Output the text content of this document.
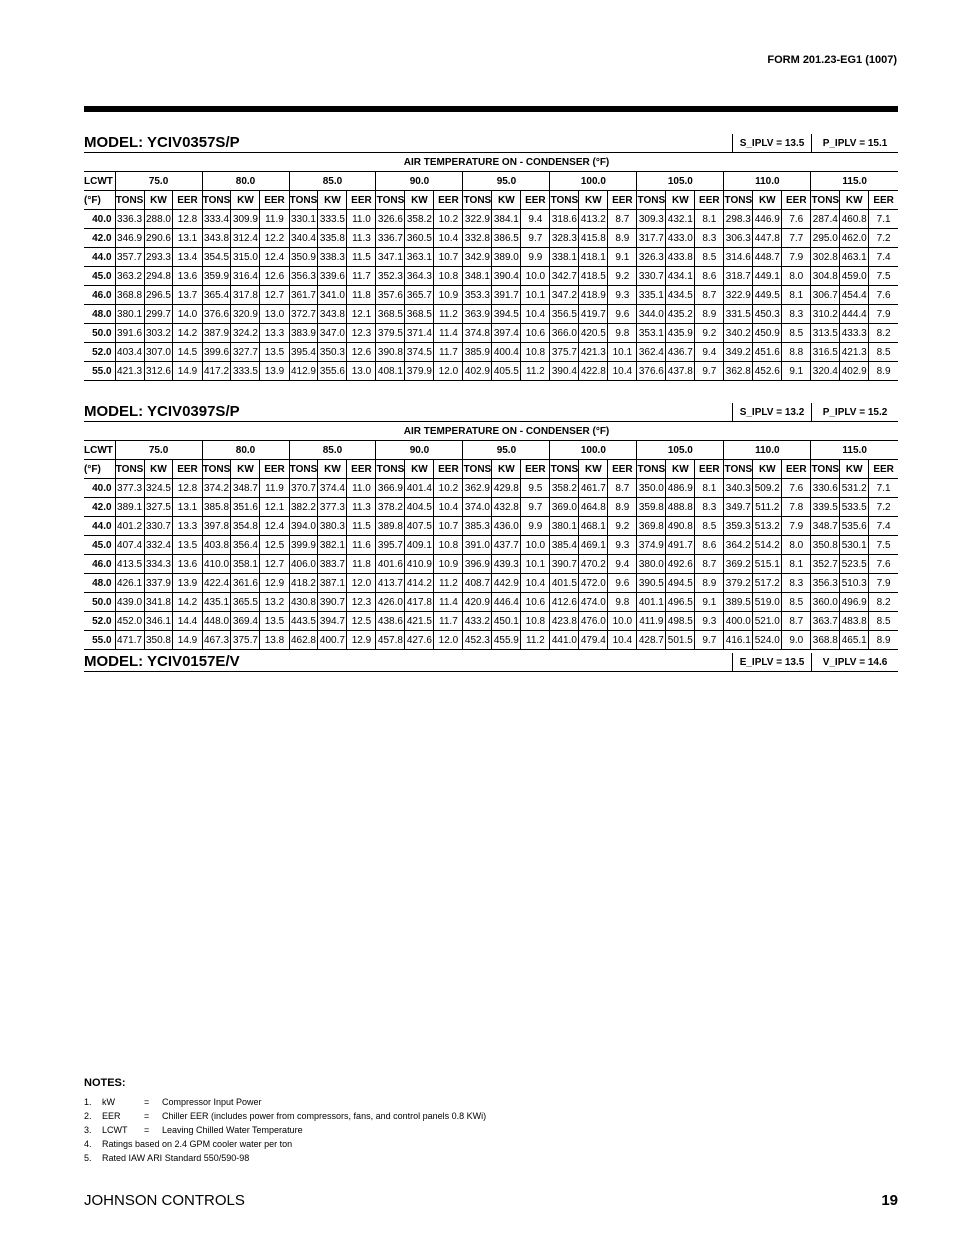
FORM 201.23-EG1 (1007)
MODEL: YCIV0357S/P	S_IPLV = 13.5	P_IPLV = 15.1
	AIR TEMPERATURE ON - CONDENSER (°F)																										
LCWT	75.0			80.0			85.0			90.0			95.0			100.0			105.0			110.0			115.0		
(°F)	TONS	KW	EER	TONS	KW	EER	TONS	KW	EER	TONS	KW	EER	TONS	KW	EER	TONS	KW	EER	TONS	KW	EER	TONS	KW	EER	TONS	KW	EER
40.0	336.3	288.0	12.8	333.4	309.9	11.9	330.1	333.5	11.0	326.6	358.2	10.2	322.9	384.1	9.4	318.6	413.2	8.7	309.3	432.1	8.1	298.3	446.9	7.6	287.4	460.8	7.1
42.0	346.9	290.6	13.1	343.8	312.4	12.2	340.4	335.8	11.3	336.7	360.5	10.4	332.8	386.5	9.7	328.3	415.8	8.9	317.7	433.0	8.3	306.3	447.8	7.7	295.0	462.0	7.2
44.0	357.7	293.3	13.4	354.5	315.0	12.4	350.9	338.3	11.5	347.1	363.1	10.7	342.9	389.0	9.9	338.1	418.1	9.1	326.3	433.8	8.5	314.6	448.7	7.9	302.8	463.1	7.4
45.0	363.2	294.8	13.6	359.9	316.4	12.6	356.3	339.6	11.7	352.3	364.3	10.8	348.1	390.4	10.0	342.7	418.5	9.2	330.7	434.1	8.6	318.7	449.1	8.0	304.8	459.0	7.5
46.0	368.8	296.5	13.7	365.4	317.8	12.7	361.7	341.0	11.8	357.6	365.7	10.9	353.3	391.7	10.1	347.2	418.9	9.3	335.1	434.5	8.7	322.9	449.5	8.1	306.7	454.4	7.6
48.0	380.1	299.7	14.0	376.6	320.9	13.0	372.7	343.8	12.1	368.5	368.5	11.2	363.9	394.5	10.4	356.5	419.7	9.6	344.0	435.2	8.9	331.5	450.3	8.3	310.2	444.4	7.9
50.0	391.6	303.2	14.2	387.9	324.2	13.3	383.9	347.0	12.3	379.5	371.4	11.4	374.8	397.4	10.6	366.0	420.5	9.8	353.1	435.9	9.2	340.2	450.9	8.5	313.5	433.3	8.2
52.0	403.4	307.0	14.5	399.6	327.7	13.5	395.4	350.3	12.6	390.8	374.5	11.7	385.9	400.4	10.8	375.7	421.3	10.1	362.4	436.7	9.4	349.2	451.6	8.8	316.5	421.3	8.5
55.0	421.3	312.6	14.9	417.2	333.5	13.9	412.9	355.6	13.0	408.1	379.9	12.0	402.9	405.5	11.2	390.4	422.8	10.4	376.6	437.8	9.7	362.8	452.6	9.1	320.4	402.9	8.9
MODEL: YCIV0397S/P	S_IPLV = 13.2	P_IPLV = 15.2
	AIR TEMPERATURE ON - CONDENSER (°F)																										
LCWT	75.0			80.0			85.0			90.0			95.0			100.0			105.0			110.0			115.0		
(°F)	TONS	KW	EER	TONS	KW	EER	TONS	KW	EER	TONS	KW	EER	TONS	KW	EER	TONS	KW	EER	TONS	KW	EER	TONS	KW	EER	TONS	KW	EER
40.0	377.3	324.5	12.8	374.2	348.7	11.9	370.7	374.4	11.0	366.9	401.4	10.2	362.9	429.8	9.5	358.2	461.7	8.7	350.0	486.9	8.1	340.3	509.2	7.6	330.6	531.2	7.1
42.0	389.1	327.5	13.1	385.8	351.6	12.1	382.2	377.3	11.3	378.2	404.5	10.4	374.0	432.8	9.7	369.0	464.8	8.9	359.8	488.8	8.3	349.7	511.2	7.8	339.5	533.5	7.2
44.0	401.2	330.7	13.3	397.8	354.8	12.4	394.0	380.3	11.5	389.8	407.5	10.7	385.3	436.0	9.9	380.1	468.1	9.2	369.8	490.8	8.5	359.3	513.2	7.9	348.7	535.6	7.4
45.0	407.4	332.4	13.5	403.8	356.4	12.5	399.9	382.1	11.6	395.7	409.1	10.8	391.0	437.7	10.0	385.4	469.1	9.3	374.9	491.7	8.6	364.2	514.2	8.0	350.8	530.1	7.5
46.0	413.5	334.3	13.6	410.0	358.1	12.7	406.0	383.7	11.8	401.6	410.9	10.9	396.9	439.3	10.1	390.7	470.2	9.4	380.0	492.6	8.7	369.2	515.1	8.1	352.7	523.5	7.6
48.0	426.1	337.9	13.9	422.4	361.6	12.9	418.2	387.1	12.0	413.7	414.2	11.2	408.7	442.9	10.4	401.5	472.0	9.6	390.5	494.5	8.9	379.2	517.2	8.3	356.3	510.3	7.9
50.0	439.0	341.8	14.2	435.1	365.5	13.2	430.8	390.7	12.3	426.0	417.8	11.4	420.9	446.4	10.6	412.6	474.0	9.8	401.1	496.5	9.1	389.5	519.0	8.5	360.0	496.9	8.2
52.0	452.0	346.1	14.4	448.0	369.4	13.5	443.5	394.7	12.5	438.6	421.5	11.7	433.2	450.1	10.8	423.8	476.0	10.0	411.9	498.5	9.3	400.0	521.0	8.7	363.7	483.8	8.5
55.0	471.7	350.8	14.9	467.3	375.7	13.8	462.8	400.7	12.9	457.8	427.6	12.0	452.3	455.9	11.2	441.0	479.4	10.4	428.7	501.5	9.7	416.1	524.0	9.0	368.8	465.1	8.9
MODEL: YCIV0157E/V	E_IPLV = 13.5	V_IPLV = 14.6
NOTES:
1.	kW	=	Compressor Input Power
2.	EER	=	Chiller EER (includes power from compressors, fans, and control panels 0.8 KWi)
3.	LCWT	=	Leaving Chilled Water Temperature
4.	Ratings based on 2.4 GPM cooler water per ton
5.	Rated IAW ARI Standard 550/590-98
JOHNSON CONTROLS	19
